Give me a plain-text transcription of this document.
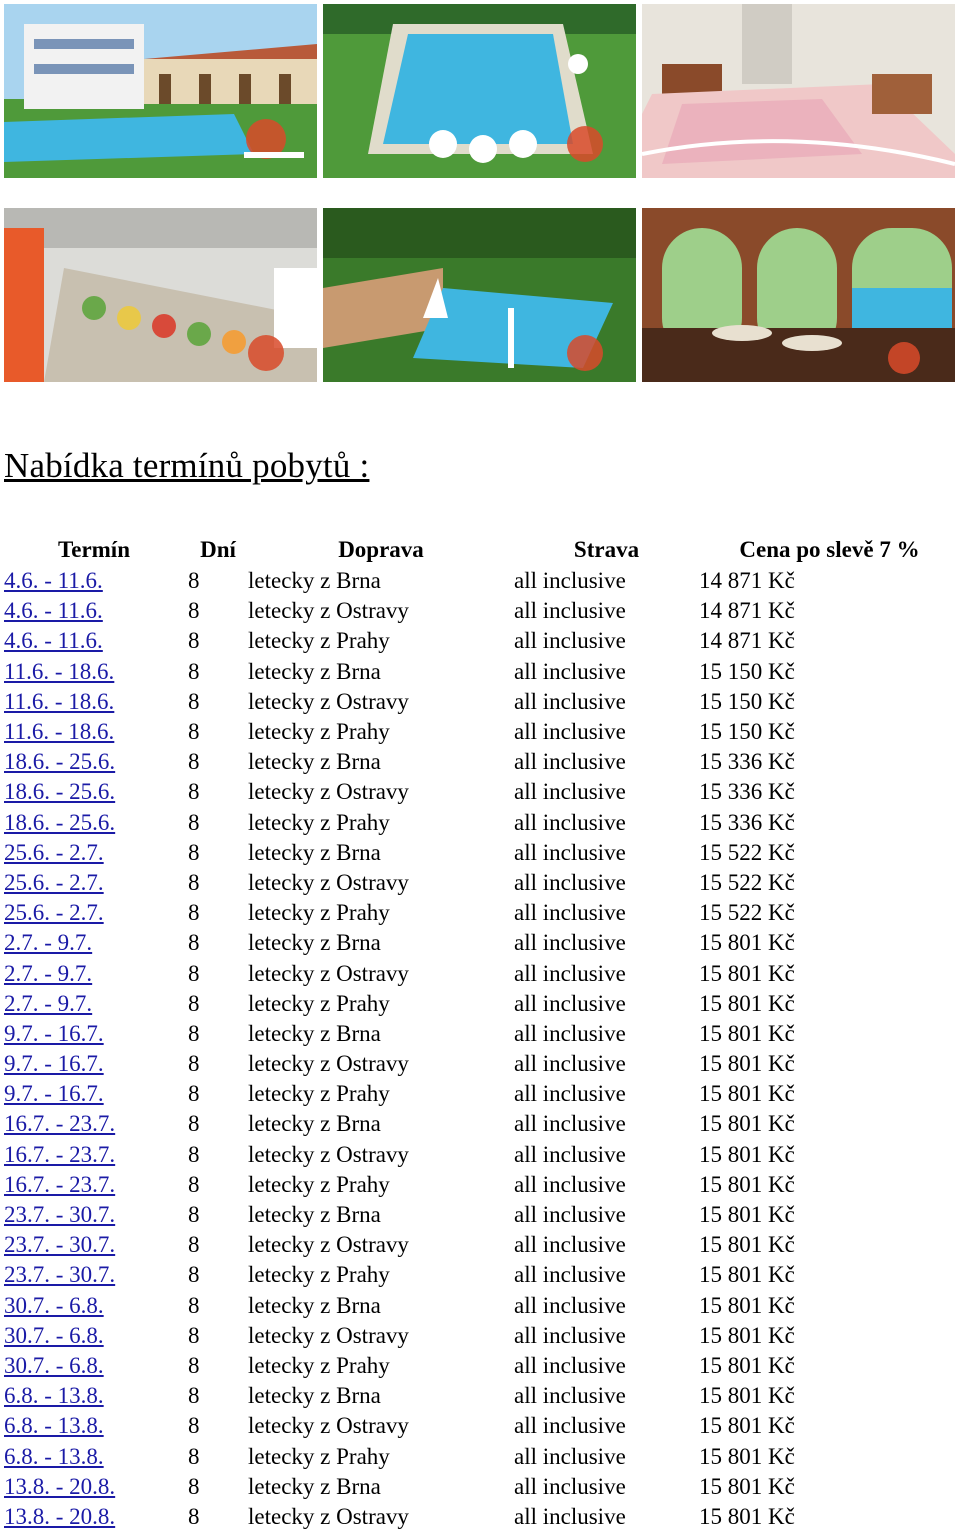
Nabídka termínů pobytů :
Termín	Dní	Doprava	Strava	Cena po slevě 7 %
4.6. - 11.6.	8	letecky z Brna	all inclusive	14 871 Kč
4.6. - 11.6.	8	letecky z Ostravy	all inclusive	14 871 Kč
4.6. - 11.6.	8	letecky z Prahy	all inclusive	14 871 Kč
11.6. - 18.6.	8	letecky z Brna	all inclusive	15 150 Kč
11.6. - 18.6.	8	letecky z Ostravy	all inclusive	15 150 Kč
11.6. - 18.6.	8	letecky z Prahy	all inclusive	15 150 Kč
18.6. - 25.6.	8	letecky z Brna	all inclusive	15 336 Kč
18.6. - 25.6.	8	letecky z Ostravy	all inclusive	15 336 Kč
18.6. - 25.6.	8	letecky z Prahy	all inclusive	15 336 Kč
25.6. - 2.7.	8	letecky z Brna	all inclusive	15 522 Kč
25.6. - 2.7.	8	letecky z Ostravy	all inclusive	15 522 Kč
25.6. - 2.7.	8	letecky z Prahy	all inclusive	15 522 Kč
2.7. - 9.7.	8	letecky z Brna	all inclusive	15 801 Kč
2.7. - 9.7.	8	letecky z Ostravy	all inclusive	15 801 Kč
2.7. - 9.7.	8	letecky z Prahy	all inclusive	15 801 Kč
9.7. - 16.7.	8	letecky z Brna	all inclusive	15 801 Kč
9.7. - 16.7.	8	letecky z Ostravy	all inclusive	15 801 Kč
9.7. - 16.7.	8	letecky z Prahy	all inclusive	15 801 Kč
16.7. - 23.7.	8	letecky z Brna	all inclusive	15 801 Kč
16.7. - 23.7.	8	letecky z Ostravy	all inclusive	15 801 Kč
16.7. - 23.7.	8	letecky z Prahy	all inclusive	15 801 Kč
23.7. - 30.7.	8	letecky z Brna	all inclusive	15 801 Kč
23.7. - 30.7.	8	letecky z Ostravy	all inclusive	15 801 Kč
23.7. - 30.7.	8	letecky z Prahy	all inclusive	15 801 Kč
30.7. - 6.8.	8	letecky z Brna	all inclusive	15 801 Kč
30.7. - 6.8.	8	letecky z Ostravy	all inclusive	15 801 Kč
30.7. - 6.8.	8	letecky z Prahy	all inclusive	15 801 Kč
6.8. - 13.8.	8	letecky z Brna	all inclusive	15 801 Kč
6.8. - 13.8.	8	letecky z Ostravy	all inclusive	15 801 Kč
6.8. - 13.8.	8	letecky z Prahy	all inclusive	15 801 Kč
13.8. - 20.8.	8	letecky z Brna	all inclusive	15 801 Kč
13.8. - 20.8.	8	letecky z Ostravy	all inclusive	15 801 Kč
